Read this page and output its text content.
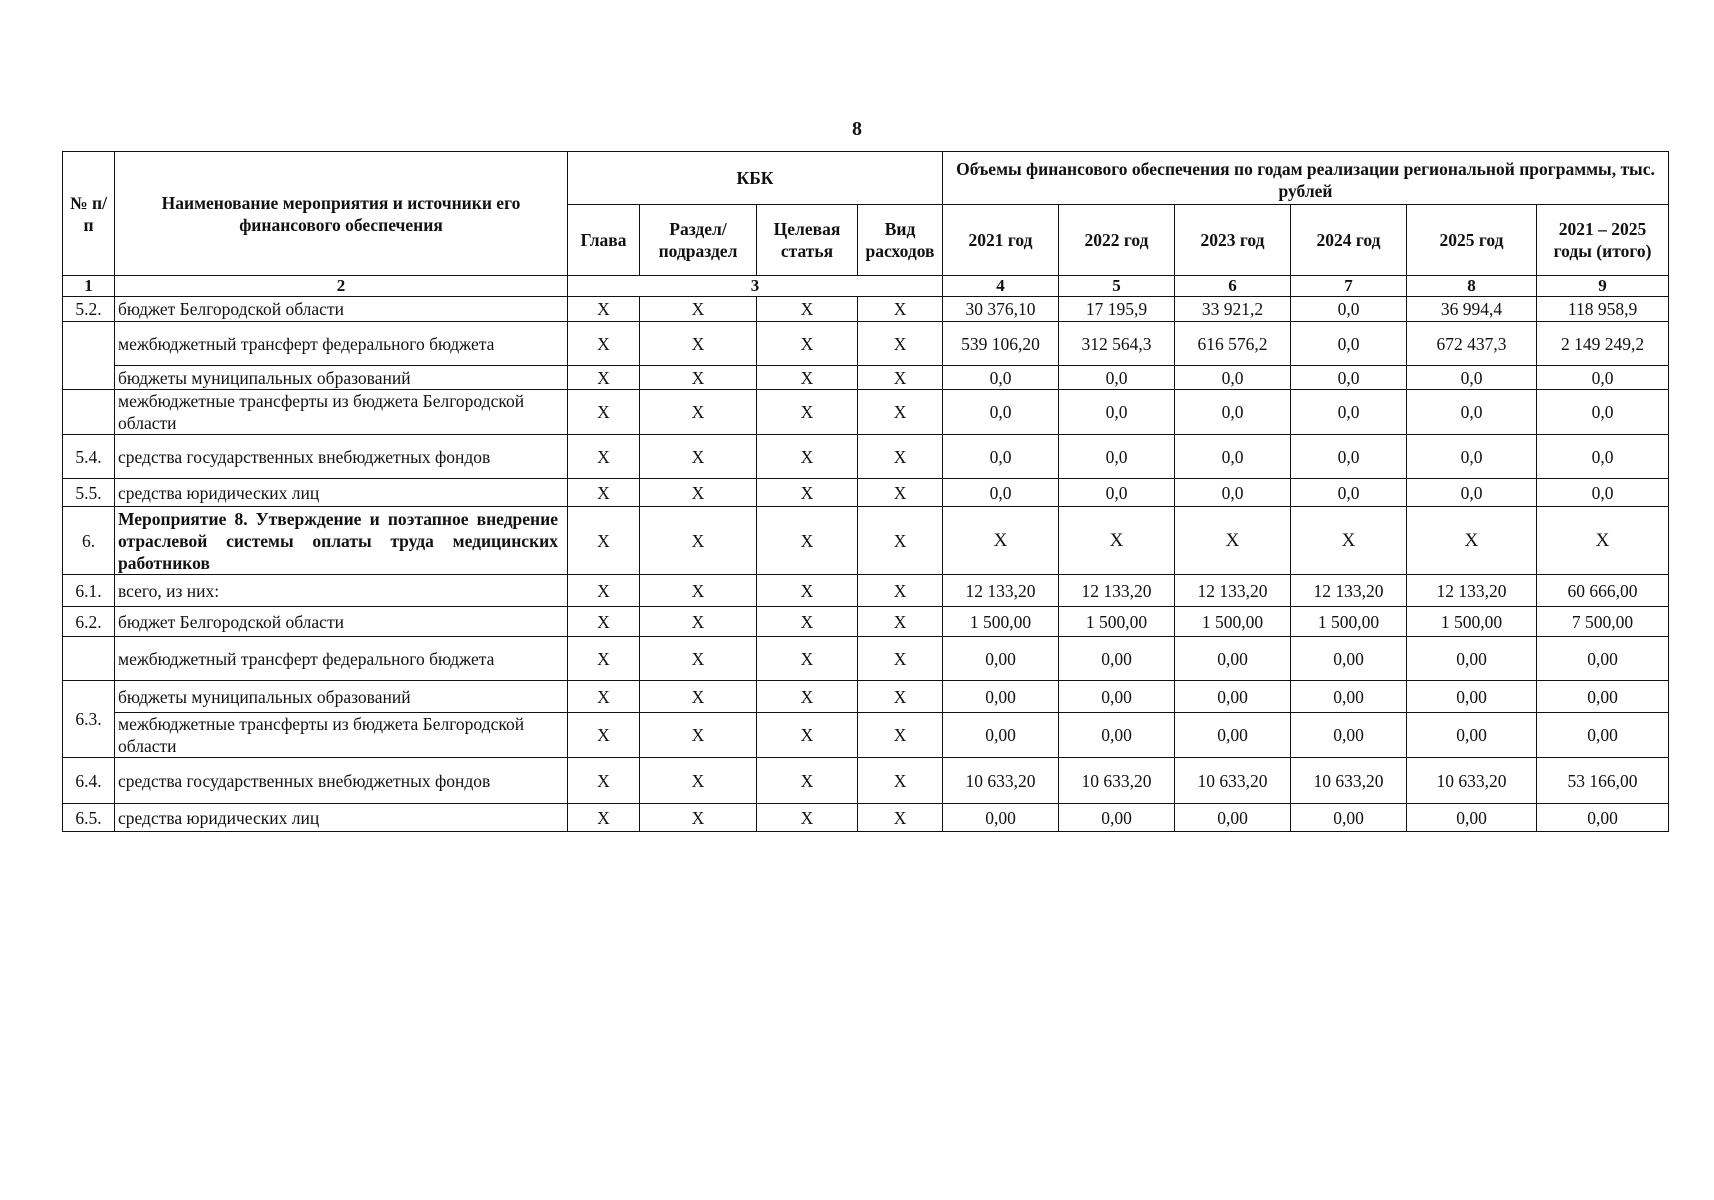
8
№ п/п	Наименование мероприятия и источники его финансового обеспечения	КБК				Объемы финансового обеспечения по годам реализации региональной программы, тыс. рублей					
		Глава	Раздел/ подраздел	Целевая статья	Вид расходов	2021 год	2022 год	2023 год	2024 год	2025 год	2021 – 2025 годы (итого)
1	2	3				4	5	6	7	8	9
5.2.	бюджет Белгородской области	X	X	X	X	30 376,10	17 195,9	33 921,2	0,0	36 994,4	118 958,9
	межбюджетный трансферт федерального бюджета	X	X	X	X	539 106,20	312 564,3	616 576,2	0,0	672 437,3	2 149 249,2
	бюджеты муниципальных образований	X	X	X	X	0,0	0,0	0,0	0,0	0,0	0,0
	межбюджетные трансферты из бюджета Белгородской области	X	X	X	X	0,0	0,0	0,0	0,0	0,0	0,0
5.4.	средства государственных внебюджетных фондов	X	X	X	X	0,0	0,0	0,0	0,0	0,0	0,0
5.5.	средства юридических лиц	X	X	X	X	0,0	0,0	0,0	0,0	0,0	0,0
6.	Мероприятие 8. Утверждение и поэтапное внедрение отраслевой системы оплаты труда медицинских работников	X	X	X	X	X	X	X	X	X	X
6.1.	всего, из них:	X	X	X	X	12 133,20	12 133,20	12 133,20	12 133,20	12 133,20	60 666,00
6.2.	бюджет Белгородской области	X	X	X	X	1 500,00	1 500,00	1 500,00	1 500,00	1 500,00	7 500,00
	межбюджетный трансферт федерального бюджета	X	X	X	X	0,00	0,00	0,00	0,00	0,00	0,00
6.3.	бюджеты муниципальных образований	X	X	X	X	0,00	0,00	0,00	0,00	0,00	0,00
	межбюджетные трансферты из бюджета Белгородской области	X	X	X	X	0,00	0,00	0,00	0,00	0,00	0,00
6.4.	средства государственных внебюджетных фондов	X	X	X	X	10 633,20	10 633,20	10 633,20	10 633,20	10 633,20	53 166,00
6.5.	средства юридических лиц	X	X	X	X	0,00	0,00	0,00	0,00	0,00	0,00
